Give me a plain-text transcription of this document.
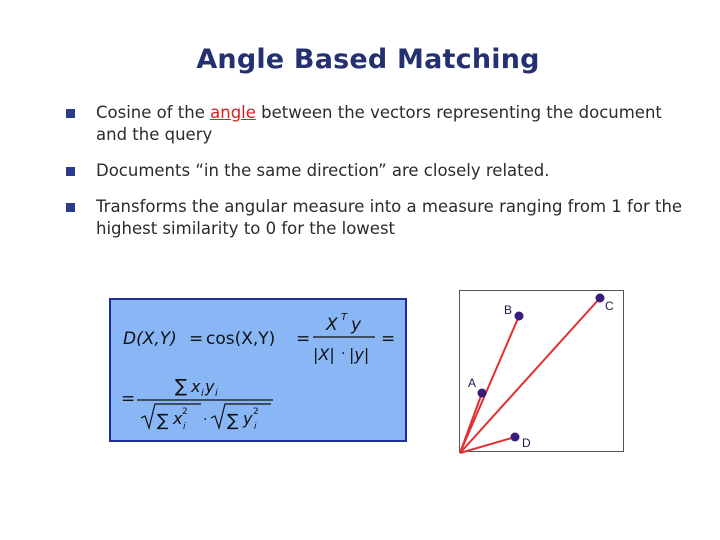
Angle Based Matching
Cosine of the angle between the vectors representing the document and the query
Documents “in the same direction” are closely related.
Transforms the angular measure into a measure ranging from 1 for the highest similarity to 0 for the lowest
D(X,Y) = cos(X,Y) =
X T y
|X| · |y|
=
=
∑ x i y i
∑ x 2
i · ∑ y 2
i
B	C
A
D
